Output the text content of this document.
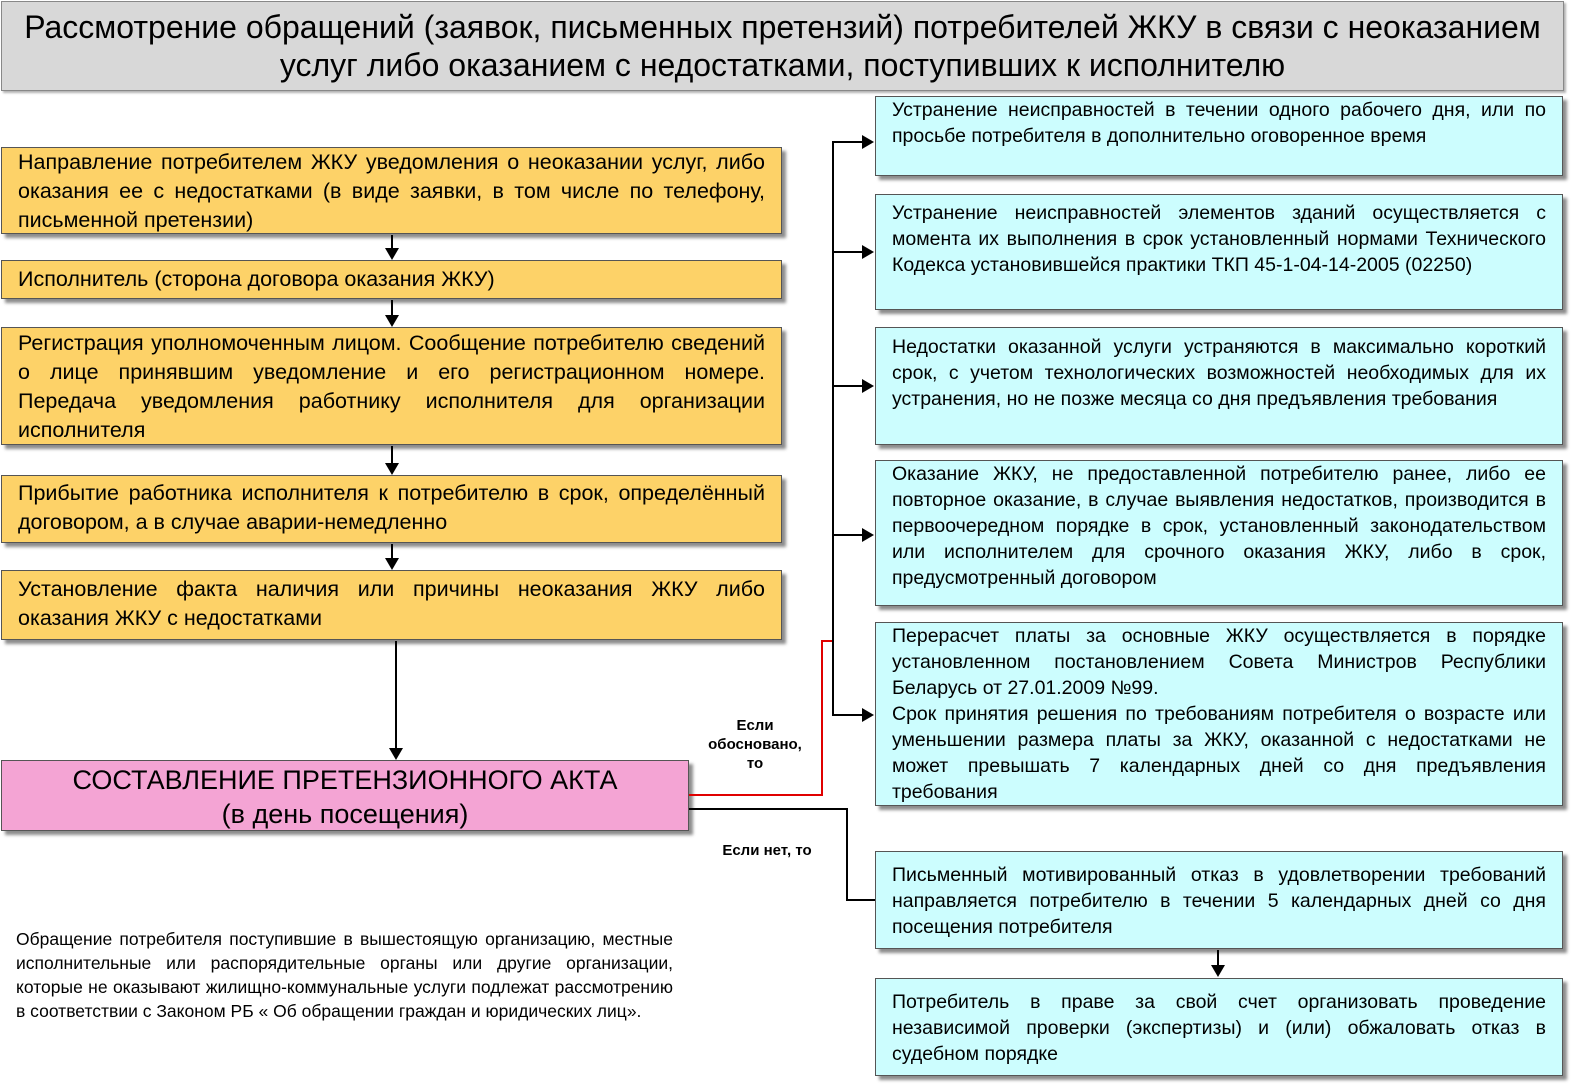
Рассмотрение обращений (заявок, письменных претензий) потребителей ЖКУ в связи с неоказанием услуг либо оказанием с недостатками, поступивших к исполнителю
Направление потребителем ЖКУ уведомления о неоказании услуг, либо оказания ее с недостатками (в виде заявки, в том числе по телефону, письменной претензии)
Исполнитель (сторона договора оказания ЖКУ)
Регистрация уполномоченным лицом. Сообщение потребителю сведений о лице принявшим уведомление и его регистрационном номере. Передача уведомления работнику исполнителя для организации исполнителя
Прибытие работника исполнителя к потребителю в срок, определённый договором, а в случае аварии-немедленно
Установление факта наличия или причины неоказания ЖКУ либо оказания ЖКУ с недостатками
СОСТАВЛЕНИЕ ПРЕТЕНЗИОННОГО АКТА
(в день посещения)
Устранение неисправностей в течении одного рабочего дня, или по просьбе потребителя в дополнительно оговоренное время
Устранение неисправностей элементов зданий осуществляется с момента их выполнения в срок установленный нормами Технического Кодекса установившейся практики ТКП 45-1-04-14-2005 (02250)
Недостатки оказанной услуги устраняются в максимально короткий срок, с учетом технологических возможностей необходимых для их устранения, но не позже месяца со дня предъявления требования
Оказание ЖКУ, не предоставленной потребителю ранее, либо ее повторное оказание, в случае выявления недостатков, производится в первоочередном порядке в срок, установленный законодательством или исполнителем для срочного оказания ЖКУ, либо в срок, предусмотренный договором
Перерасчет платы за основные ЖКУ осуществляется в порядке установленном постановлением Совета Министров Республики Беларусь от 27.01.2009 №99.
Срок принятия решения по требованиям потребителя о возрасте или уменьшении размера платы за ЖКУ, оказанной с недостатками не может превышать 7 календарных дней со дня предъявления требования
Письменный мотивированный отказ в удовлетворении требований направляется потребителю в течении 5 календарных дней со дня посещения потребителя
Потребитель в праве за свой счет организовать проведение независимой проверки (экспертизы) и (или) обжаловать отказ в судебном порядке
Если обосновано, то
Если нет, то
Обращение потребителя поступившие в вышестоящую организацию, местные исполнительные или распорядительные органы или другие организации, которые не оказывают жилищно-коммунальные услуги подлежат рассмотрению в соответствии с Законом РБ « Об обращении граждан и юридических лиц».
